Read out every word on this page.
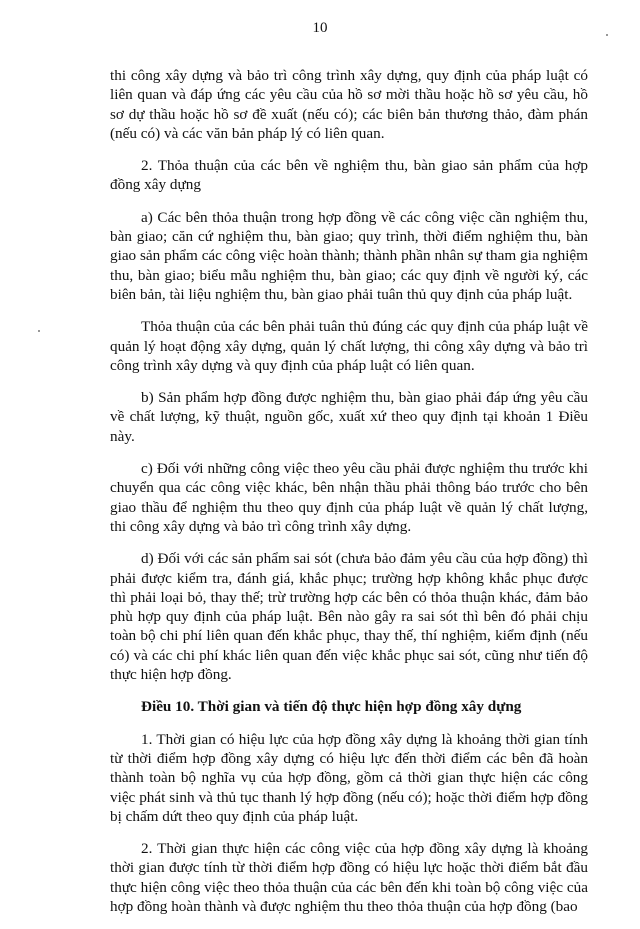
10

thi công xây dựng và bảo trì công trình xây dựng, quy định của pháp luật có liên quan và đáp ứng các yêu cầu của hồ sơ mời thầu hoặc hồ sơ yêu cầu, hồ sơ dự thầu hoặc hồ sơ đề xuất (nếu có); các biên bản thương thảo, đàm phán (nếu có) và các văn bản pháp lý có liên quan.

2. Thỏa thuận của các bên về nghiệm thu, bàn giao sản phẩm của hợp đồng xây dựng

a) Các bên thỏa thuận trong hợp đồng về các công việc cần nghiệm thu, bàn giao; căn cứ nghiệm thu, bàn giao; quy trình, thời điểm nghiệm thu, bàn giao sản phẩm các công việc hoàn thành; thành phần nhân sự tham gia nghiệm thu, bàn giao; biểu mẫu nghiệm thu, bàn giao; các quy định về người ký, các biên bản, tài liệu nghiệm thu, bàn giao phải tuân thủ quy định của pháp luật.

Thỏa thuận của các bên phải tuân thủ đúng các quy định của pháp luật về quản lý hoạt động xây dựng, quản lý chất lượng, thi công xây dựng và bảo trì công trình xây dựng và quy định của pháp luật có liên quan.

b) Sản phẩm hợp đồng được nghiệm thu, bàn giao phải đáp ứng yêu cầu về chất lượng, kỹ thuật, nguồn gốc, xuất xứ theo quy định tại khoản 1 Điều này.

c) Đối với những công việc theo yêu cầu phải được nghiệm thu trước khi chuyển qua các công việc khác, bên nhận thầu phải thông báo trước cho bên giao thầu để nghiệm thu theo quy định của pháp luật về quản lý chất lượng, thi công xây dựng và bảo trì công trình xây dựng.

d) Đối với các sản phẩm sai sót (chưa bảo đảm yêu cầu của hợp đồng) thì phải được kiểm tra, đánh giá, khắc phục; trường hợp không khắc phục được thì phải loại bỏ, thay thế; trừ trường hợp các bên có thỏa thuận khác, đảm bảo phù hợp quy định của pháp luật. Bên nào gây ra sai sót thì bên đó phải chịu toàn bộ chi phí liên quan đến khắc phục, thay thế, thí nghiệm, kiểm định (nếu có) và các chi phí khác liên quan đến việc khắc phục sai sót, cũng như tiến độ thực hiện hợp đồng.

Điều 10. Thời gian và tiến độ thực hiện hợp đồng xây dựng

1. Thời gian có hiệu lực của hợp đồng xây dựng là khoảng thời gian tính từ thời điểm hợp đồng xây dựng có hiệu lực đến thời điểm các bên đã hoàn thành toàn bộ nghĩa vụ của hợp đồng, gồm cả thời gian thực hiện các công việc phát sinh và thủ tục thanh lý hợp đồng (nếu có); hoặc thời điểm hợp đồng bị chấm dứt theo quy định của pháp luật.

2. Thời gian thực hiện các công việc của hợp đồng xây dựng là khoảng thời gian được tính từ thời điểm hợp đồng có hiệu lực hoặc thời điểm bắt đầu thực hiện công việc theo thỏa thuận của các bên đến khi toàn bộ công việc của hợp đồng hoàn thành và được nghiệm thu theo thỏa thuận của hợp đồng (bao
